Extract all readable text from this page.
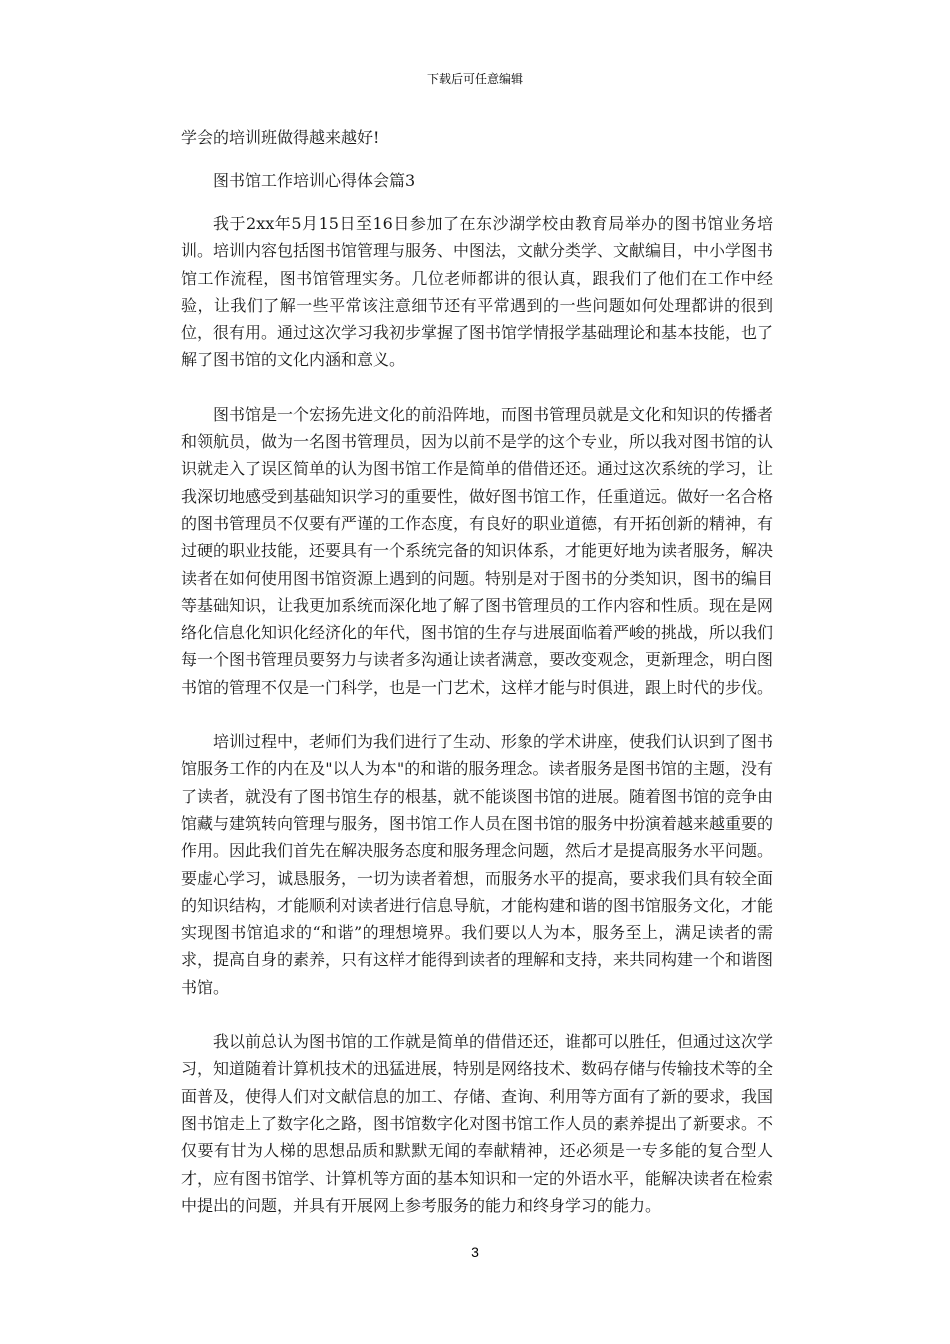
下载后可任意编辑

学会的培训班做得越来越好!

图书馆工作培训心得体会篇3

我于2xx年5月15日至16日参加了在东沙湖学校由教育局举办的图书馆业务培训。培训内容包括图书馆管理与服务、中图法，文献分类学、文献编目，中小学图书馆工作流程，图书馆管理实务。几位老师都讲的很认真，跟我们了他们在工作中经验，让我们了解一些平常该注意细节还有平常遇到的一些问题如何处理都讲的很到位，很有用。通过这次学习我初步掌握了图书馆学情报学基础理论和基本技能，也了解了图书馆的文化内涵和意义。

图书馆是一个宏扬先进文化的前沿阵地，而图书管理员就是文化和知识的传播者和领航员，做为一名图书管理员，因为以前不是学的这个专业，所以我对图书馆的认识就走入了误区简单的认为图书馆工作是简单的借借还还。通过这次系统的学习，让我深切地感受到基础知识学习的重要性，做好图书馆工作，任重道远。做好一名合格的图书管理员不仅要有严谨的工作态度，有良好的职业道德，有开拓创新的精神，有过硬的职业技能，还要具有一个系统完备的知识体系，才能更好地为读者服务，解决读者在如何使用图书馆资源上遇到的问题。特别是对于图书的分类知识，图书的编目等基础知识，让我更加系统而深化地了解了图书管理员的工作内容和性质。现在是网络化信息化知识化经济化的年代，图书馆的生存与进展面临着严峻的挑战，所以我们每一个图书管理员要努力与读者多沟通让读者满意，要改变观念，更新理念，明白图书馆的管理不仅是一门科学，也是一门艺术，这样才能与时俱进，跟上时代的步伐。

培训过程中，老师们为我们进行了生动、形象的学术讲座，使我们认识到了图书馆服务工作的内在及"以人为本"的和谐的服务理念。读者服务是图书馆的主题，没有了读者，就没有了图书馆生存的根基，就不能谈图书馆的进展。随着图书馆的竞争由馆藏与建筑转向管理与服务，图书馆工作人员在图书馆的服务中扮演着越来越重要的作用。因此我们首先在解决服务态度和服务理念问题，然后才是提高服务水平问题。要虚心学习，诚恳服务，一切为读者着想，而服务水平的提高，要求我们具有较全面的知识结构，才能顺利对读者进行信息导航，才能构建和谐的图书馆服务文化，才能实现图书馆追求的“和谐”的理想境界。我们要以人为本，服务至上，满足读者的需求，提高自身的素养，只有这样才能得到读者的理解和支持，来共同构建一个和谐图书馆。

我以前总认为图书馆的工作就是简单的借借还还，谁都可以胜任，但通过这次学习，知道随着计算机技术的迅猛进展，特别是网络技术、数码存储与传输技术等的全面普及，使得人们对文献信息的加工、存储、查询、利用等方面有了新的要求，我国图书馆走上了数字化之路，图书馆数字化对图书馆工作人员的素养提出了新要求。不仅要有甘为人梯的思想品质和默默无闻的奉献精神，还必须是一专多能的复合型人才，应有图书馆学、计算机等方面的基本知识和一定的外语水平，能解决读者在检索中提出的问题，并具有开展网上参考服务的能力和终身学习的能力。

3
